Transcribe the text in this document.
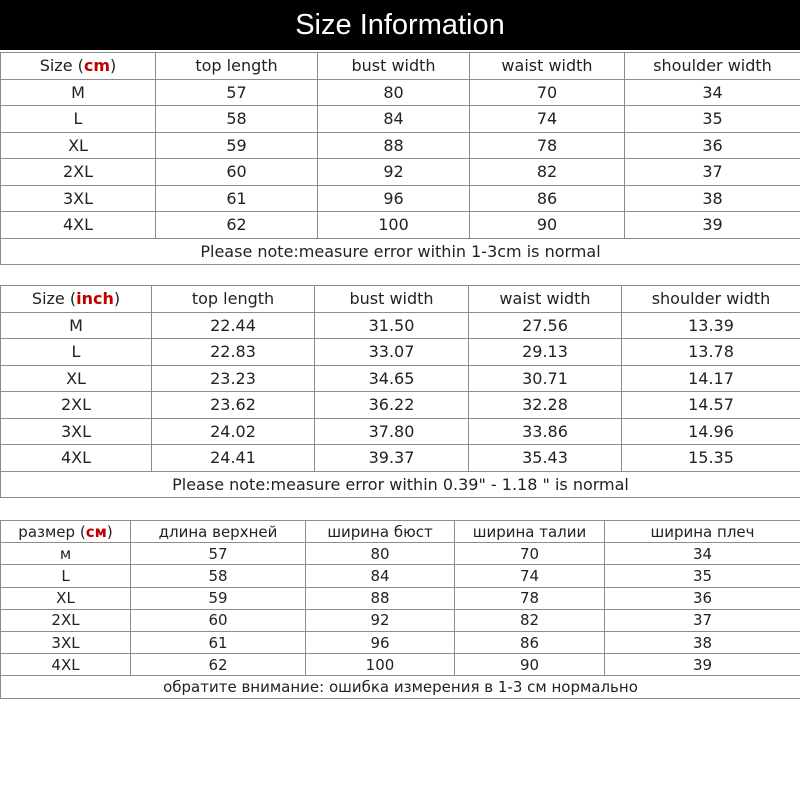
Size Information
Size (cm)	top length	bust width	waist width	shoulder width
M	57	80	70	34
L	58	84	74	35
XL	59	88	78	36
2XL	60	92	82	37
3XL	61	96	86	38
4XL	62	100	90	39
Please note:measure error within 1-3cm is normal				
Size (inch)	top length	bust width	waist width	shoulder width
M	22.44	31.50	27.56	13.39
L	22.83	33.07	29.13	13.78
XL	23.23	34.65	30.71	14.17
2XL	23.62	36.22	32.28	14.57
3XL	24.02	37.80	33.86	14.96
4XL	24.41	39.37	35.43	15.35
Please note:measure error within 0.39" - 1.18 " is normal				
размер (см)	длина верхней	ширина бюст	ширина талии	ширина плеч
м	57	80	70	34
L	58	84	74	35
XL	59	88	78	36
2XL	60	92	82	37
3XL	61	96	86	38
4XL	62	100	90	39
обратите внимание: ошибка измерения в 1-3 см нормально				
